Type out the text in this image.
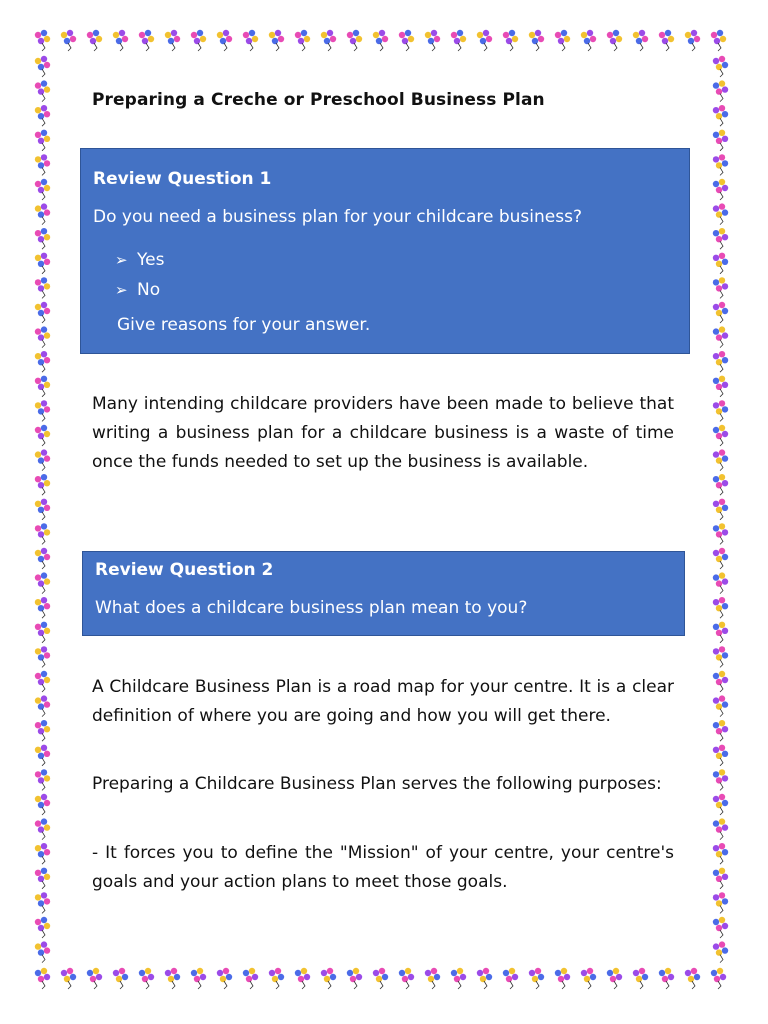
Preparing a Creche or Preschool Business Plan
Review Question 1
Do you need a business plan for your childcare business?
➢ Yes
➢ No
Give reasons for your answer.
Many intending childcare providers have been made to believe that writing a business plan for a childcare business is a waste of time once the funds needed to set up the business is available.
Review Question 2
What does a childcare business plan mean to you?
A Childcare Business Plan is a road map for your centre. It is a clear definition of where you are going and how you will get there.
Preparing a Childcare Business Plan serves the following purposes:
- It forces you to define the "Mission" of your centre, your centre's goals and your action plans to meet those goals.
